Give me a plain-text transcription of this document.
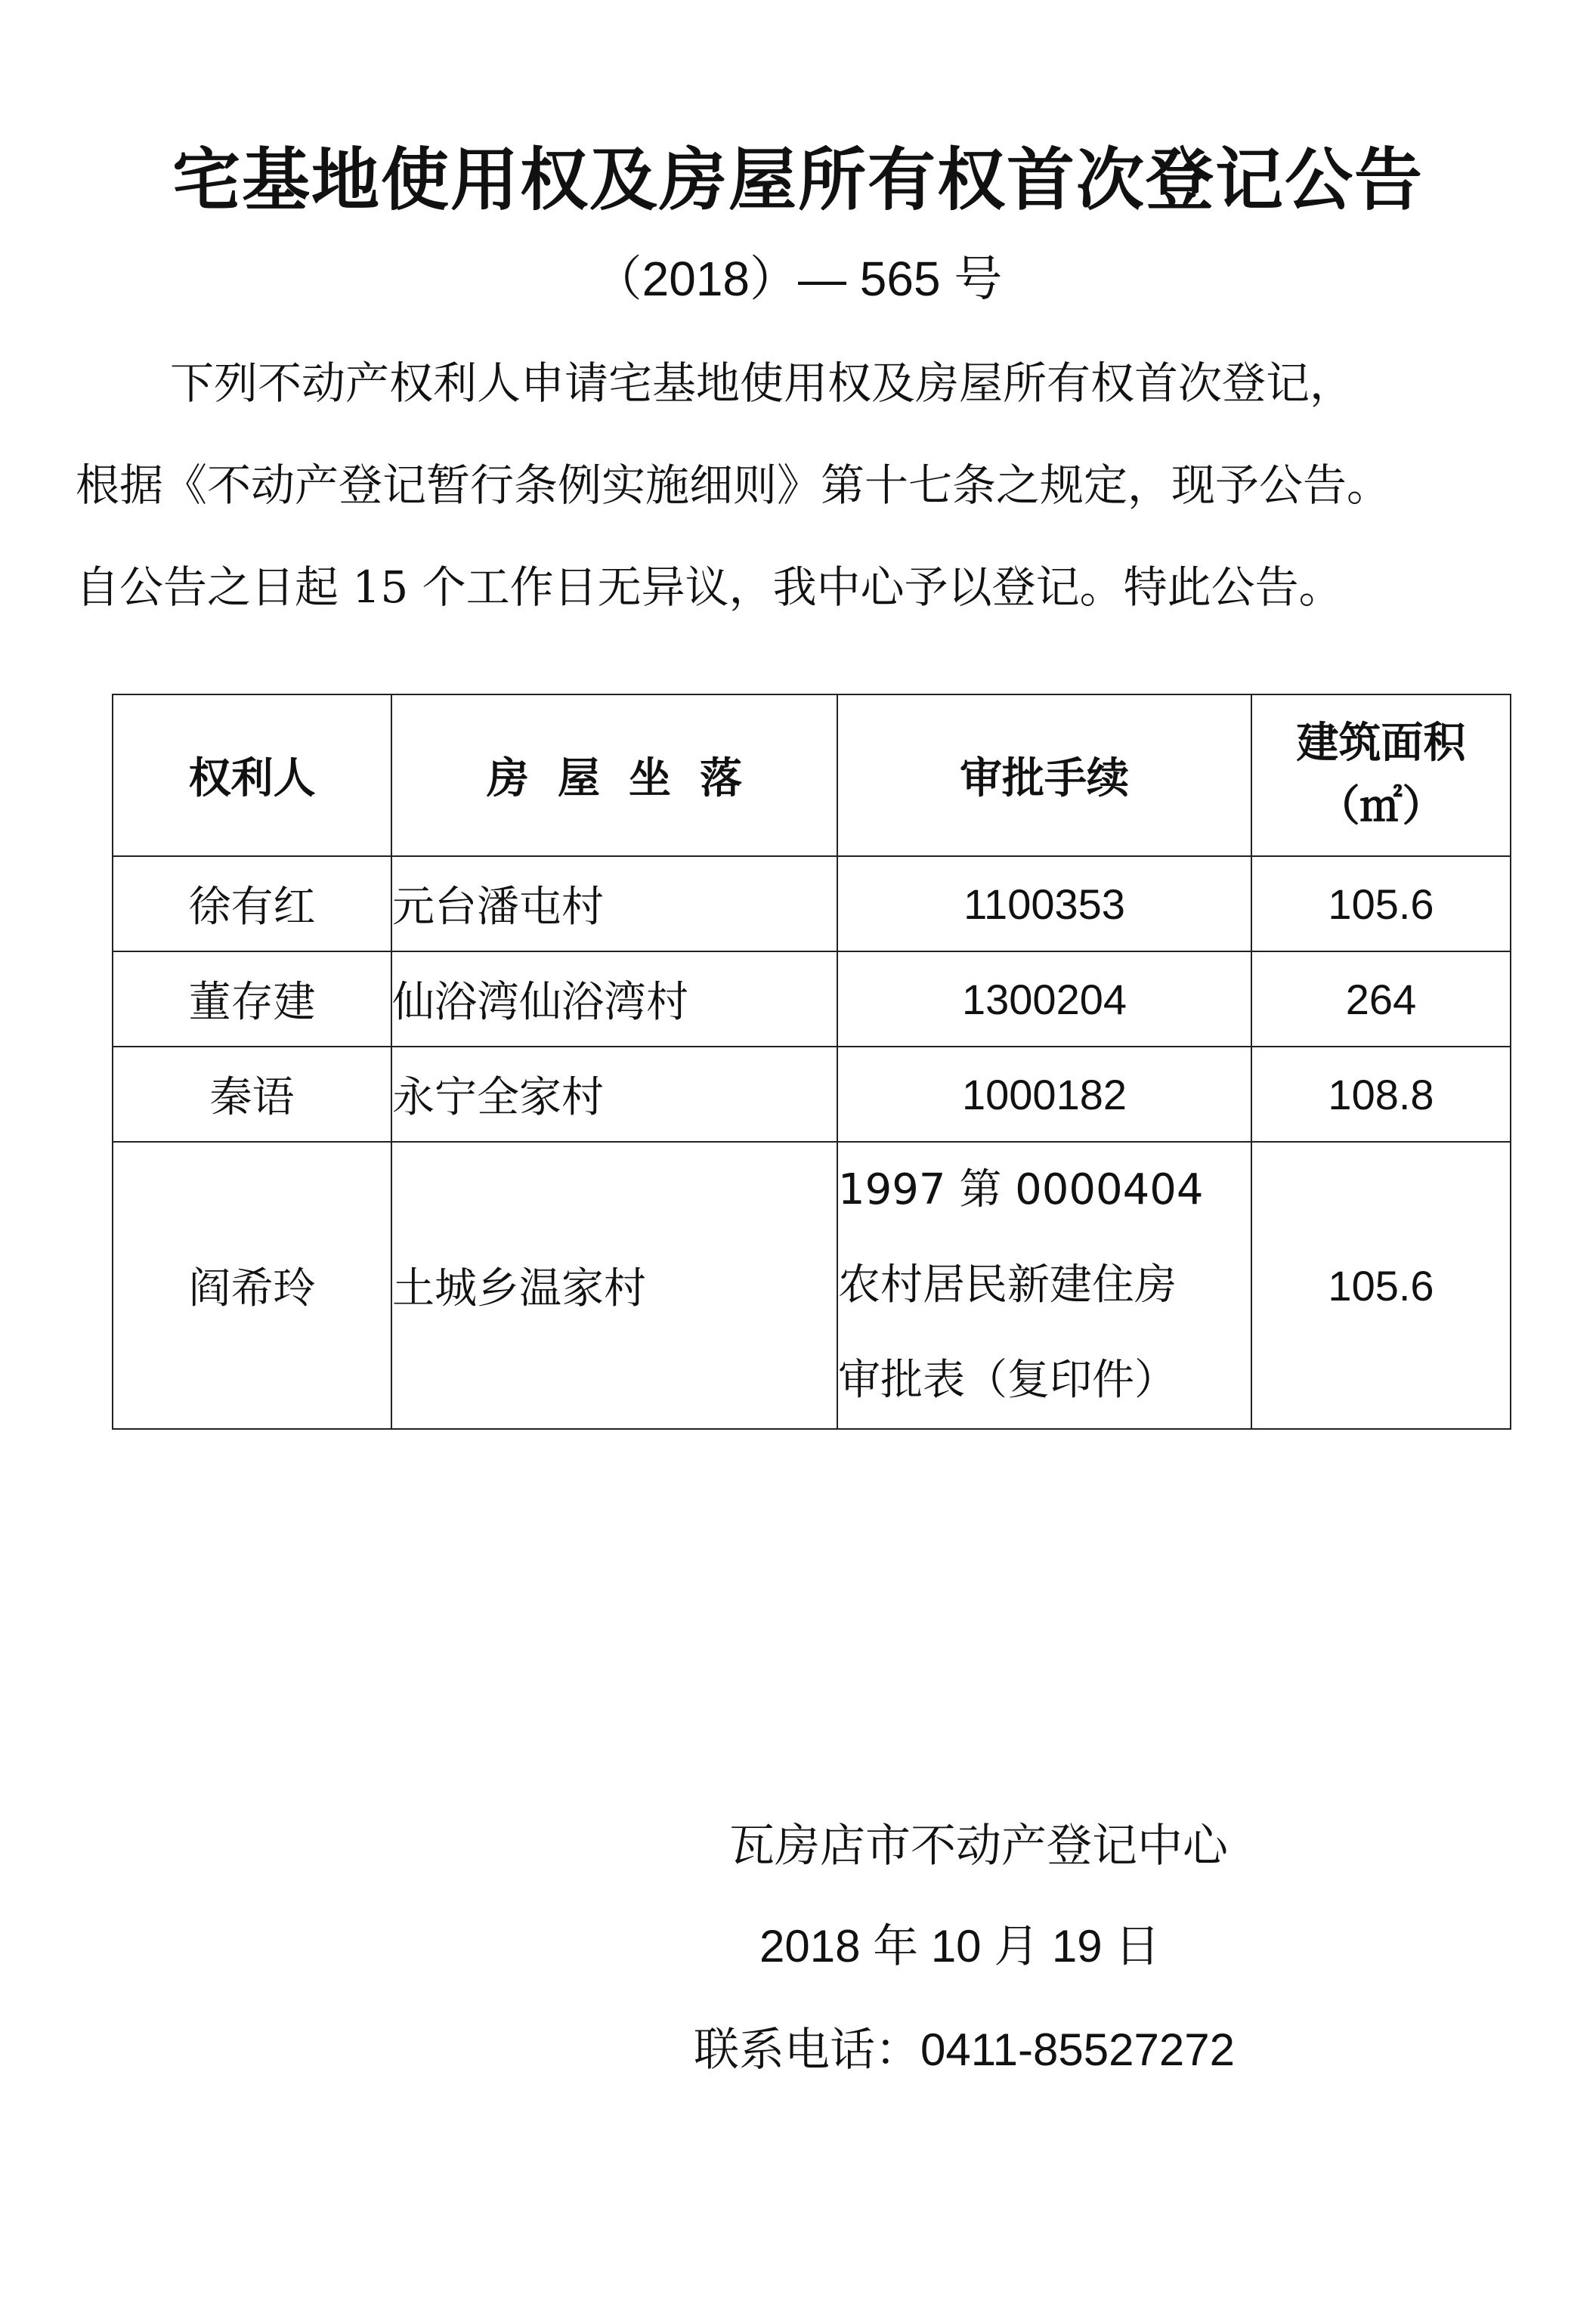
宅基地使用权及房屋所有权首次登记公告
（2018）— 565 号
下列不动产权利人申请宅基地使用权及房屋所有权首次登记，
根据《不动产登记暂行条例实施细则》第十七条之规定，现予公告。
自公告之日起 15 个工作日无异议，我中心予以登记。特此公告。
权利人	房屋坐落	审批手续	建筑面积
（㎡）

徐有红	元台潘屯村	1100353	105.6
董存建	仙浴湾仙浴湾村	1300204	264
秦语	永宁全家村	1000182	108.8
阎希玲	土城乡温家村	1997 第 0000404
农村居民新建住房
审批表（复印件）	105.6
瓦房店市不动产登记中心
2018 年 10 月 19 日
联系电话：0411-85527272
